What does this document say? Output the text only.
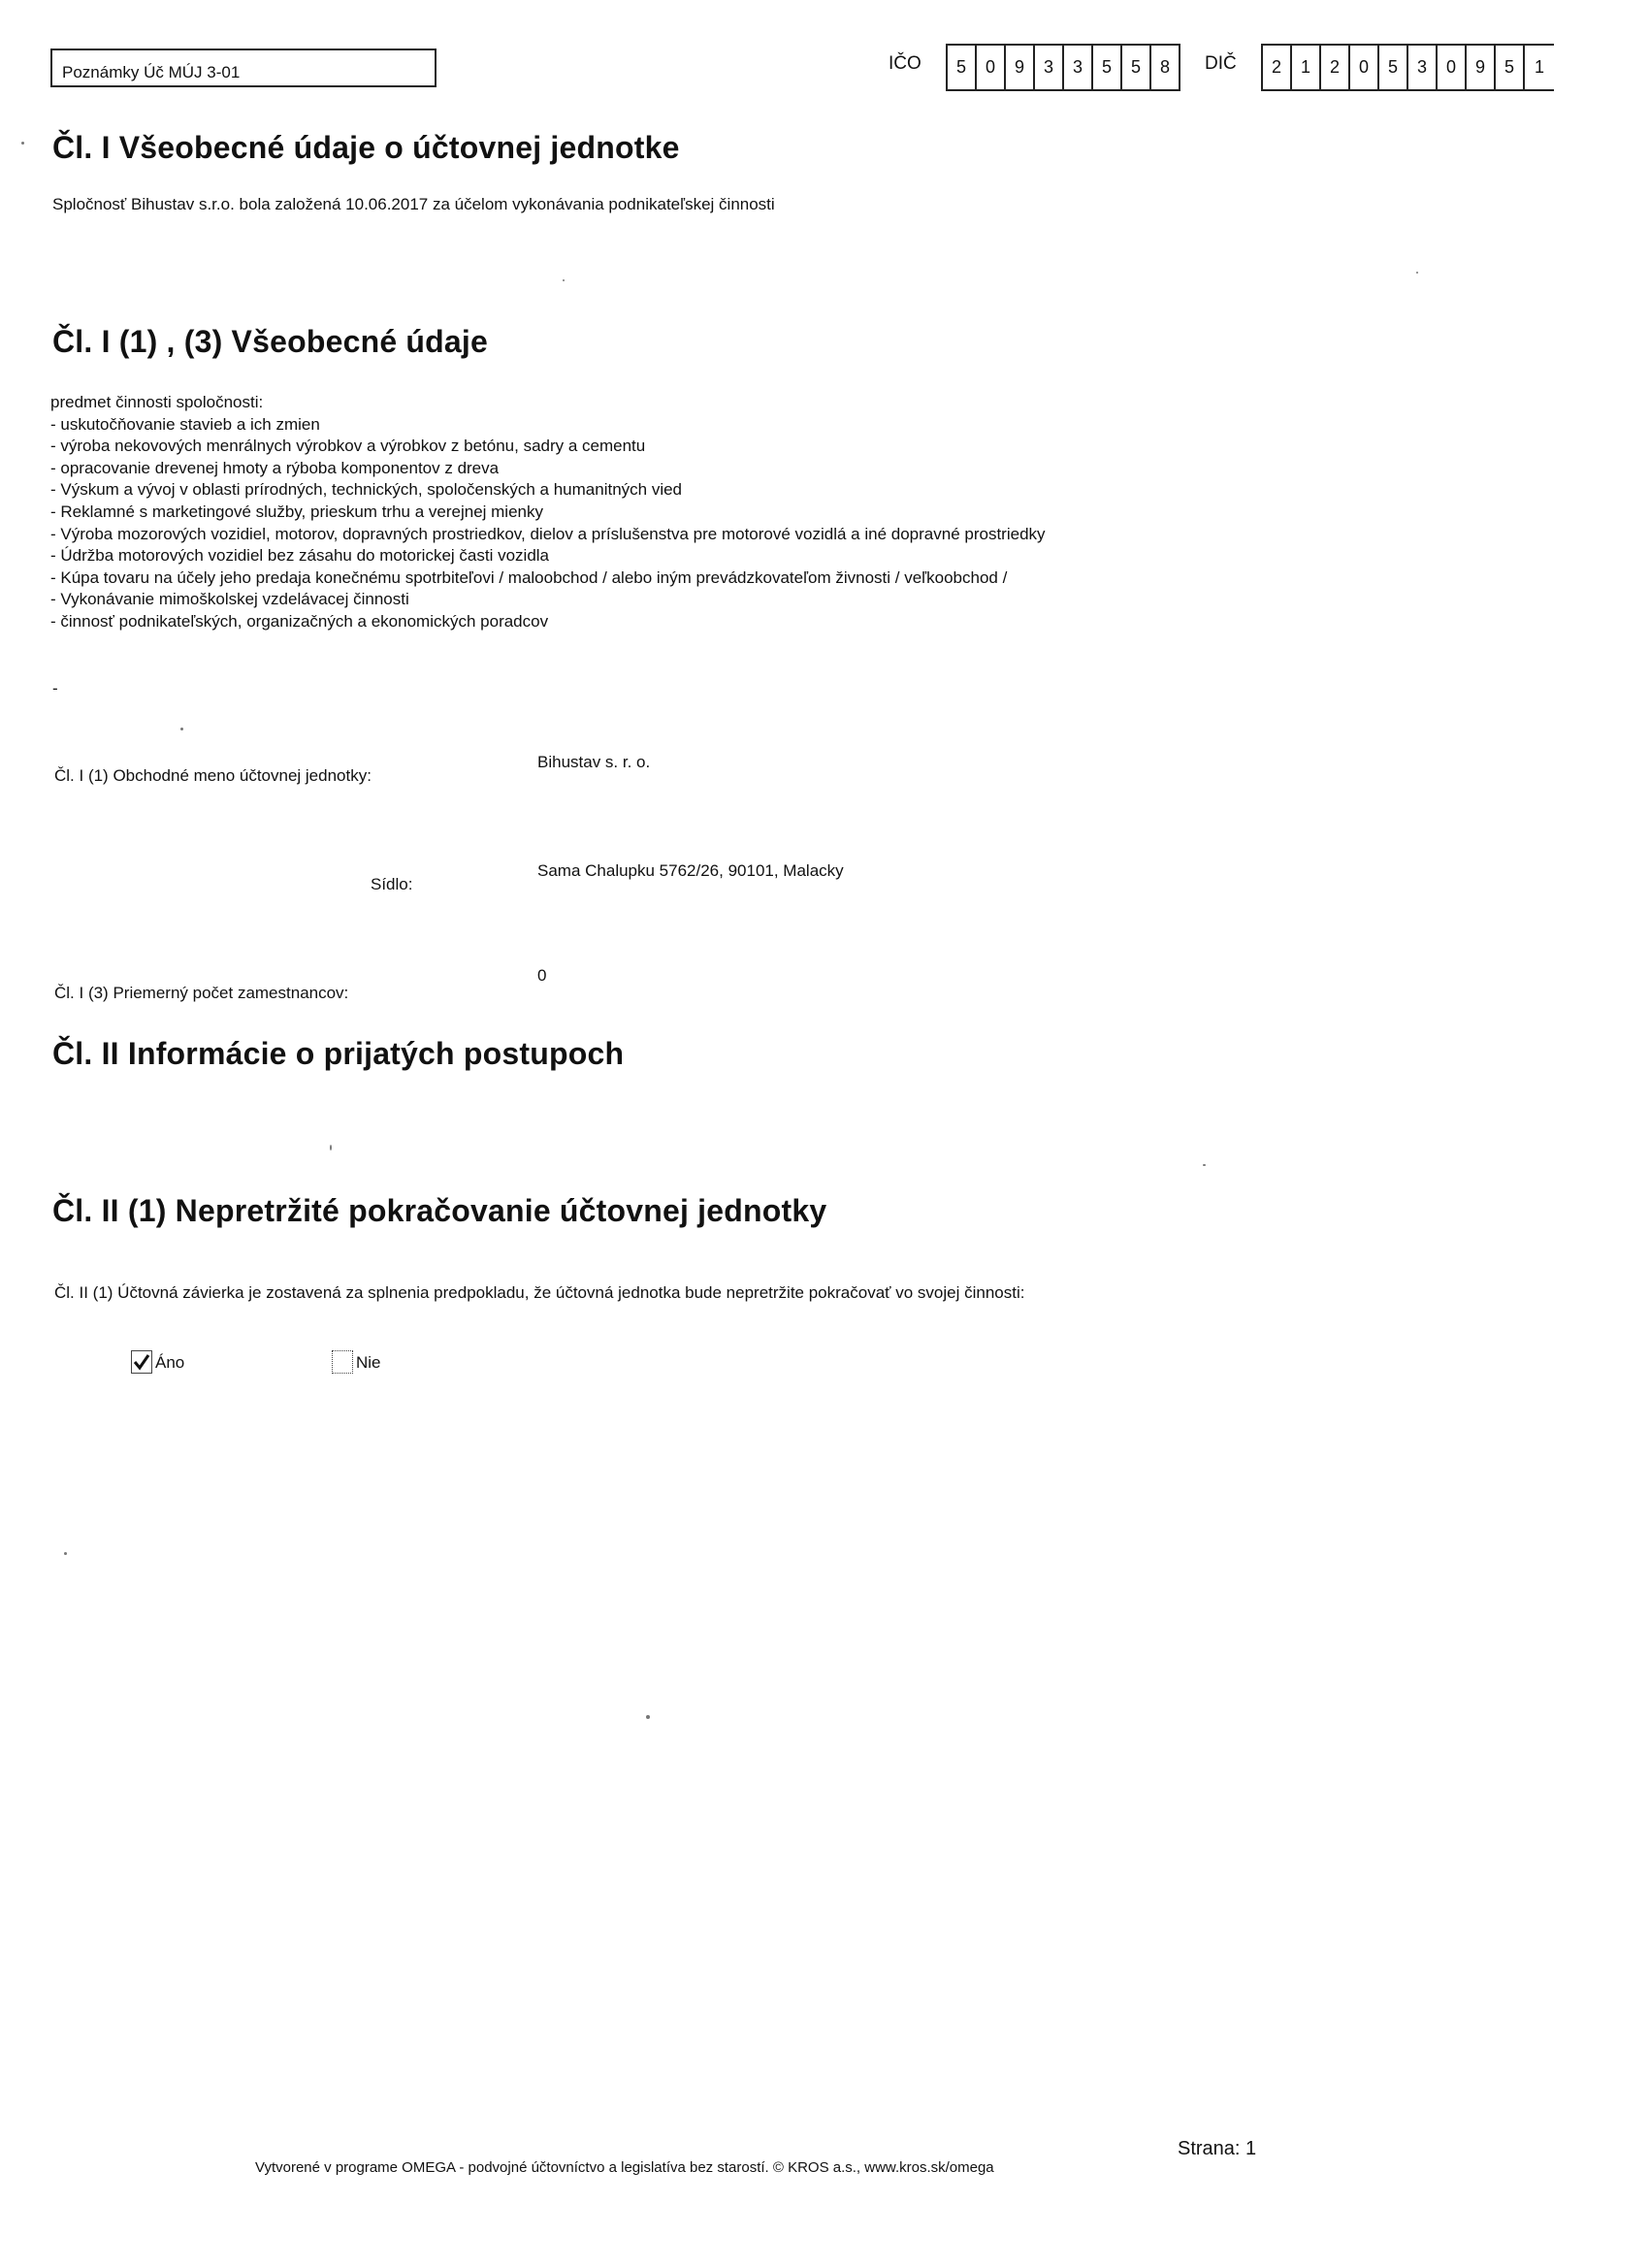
Poznámky Úč MÚJ 3-01	IČO	5	0	9	3	3	5	5	8	DIČ	2	1	2	0	5	3	0	9	5	1
Čl. I Všeobecné údaje o účtovnej jednotke
Spločnosť Bihustav s.r.o. bola založená 10.06.2017 za účelom vykonávania podnikateľskej činnosti
Čl. I (1) , (3) Všeobecné údaje
predmet činnosti spoločnosti:
- uskutočňovanie stavieb a ich zmien
- výroba nekovových menrálnych výrobkov a výrobkov z betónu, sadry a cementu
- opracovanie drevenej hmoty a rýboba komponentov z dreva
- Výskum a vývoj v oblasti prírodných, technických, spoločenských a humanitných vied
- Reklamné s marketingové služby, prieskum trhu a verejnej mienky
- Výroba mozorových vozidiel, motorov, dopravných prostriedkov, dielov a príslušenstva pre motorové vozidlá a iné dopravné prostriedky
- Údržba motorových vozidiel bez zásahu do motorickej časti vozidla
- Kúpa tovaru na účely jeho predaja konečnému spotrbiteľovi / maloobchod / alebo iným prevádzkovateľom živnosti / veľkoobchod /
- Vykonávanie mimoškolskej vzdelávacej činnosti
- činnosť podnikateľských, organizačných a ekonomických poradcov
-
Čl. I (1) Obchodné meno účtovnej jednotky:
Bihustav s. r. o.
Sídlo:
Sama Chalupku 5762/26, 90101, Malacky
Čl. I (3) Priemerný počet zamestnancov:
0
Čl. II Informácie o prijatých postupoch
Čl. II (1) Nepretržité pokračovanie účtovnej jednotky
Čl. II (1) Účtovná závierka je zostavená za splnenia predpokladu, že účtovná jednotka bude nepretržite pokračovať vo svojej činnosti:
Áno	Nie
Vytvorené v programe OMEGA - podvojné účtovníctvo a legislatíva bez starostí. © KROS a.s., www.kros.sk/omega
Strana: 1
